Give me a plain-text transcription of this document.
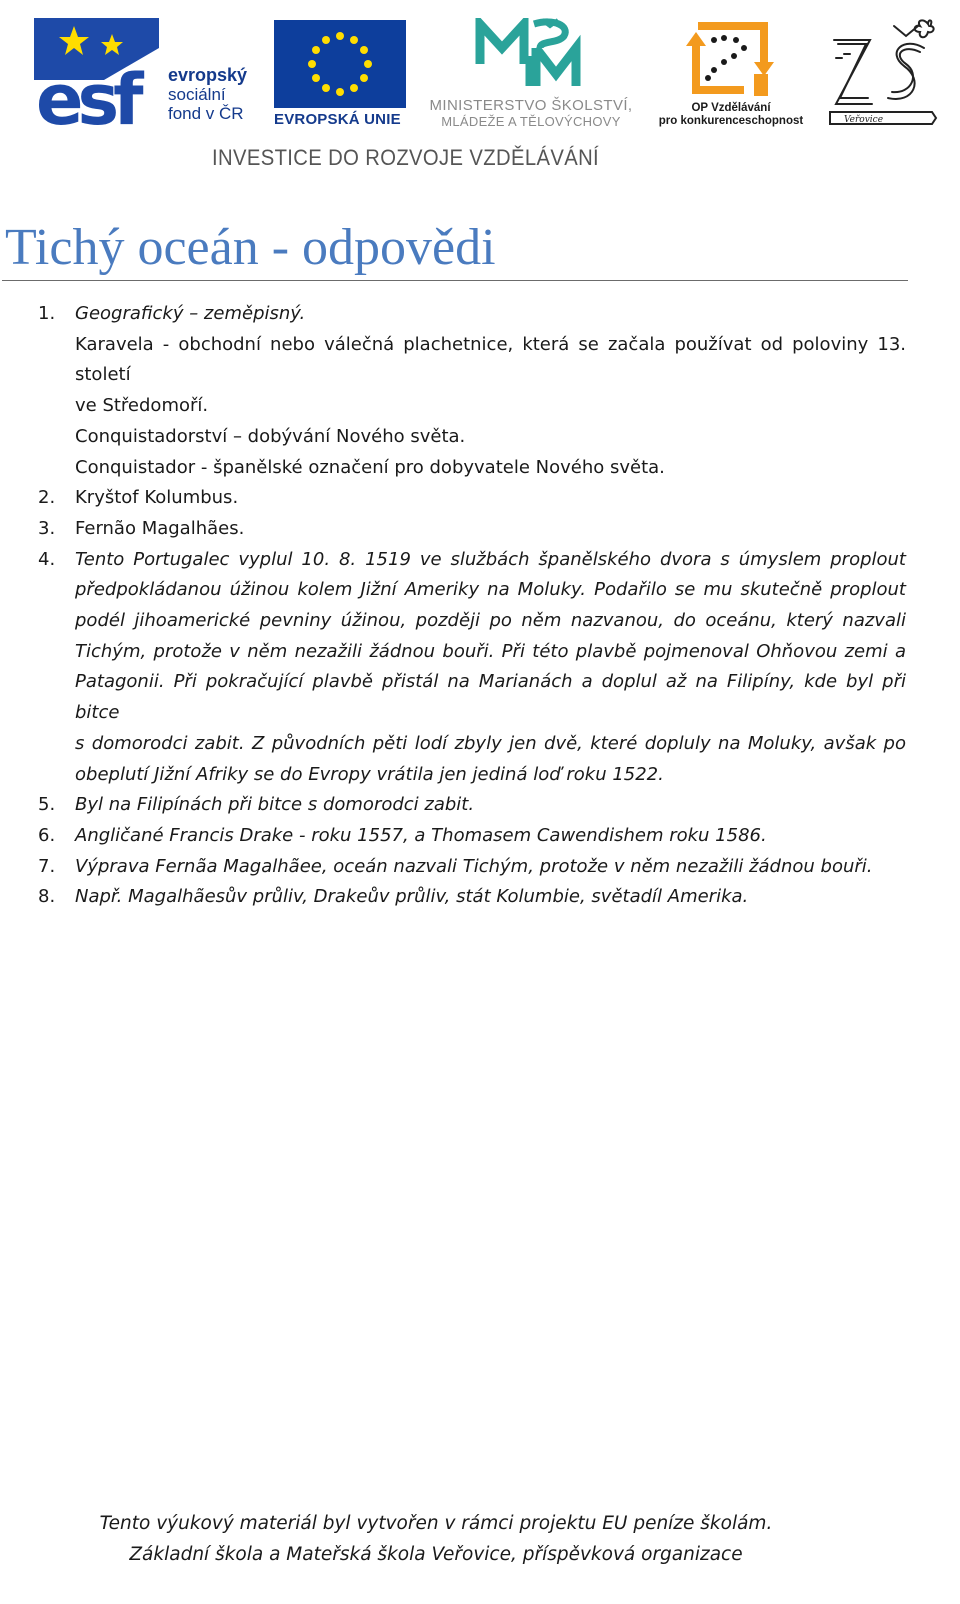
esf	evropský
sociální
fond v ČR EVROPSKÁ UNIE
MINISTERSTVO ŠKOLSTVÍ,
MLÁDEŽE A TĚLOVÝCHOVY
OP Vzdělávání
pro konkurenceschopnost	Veřovice
INVESTICE DO ROZVOJE VZDĚLÁVÁNÍ
Tichý oceán - odpovědi
1. Geografický – zeměpisný.
Karavela - obchodní nebo válečná plachetnice, která se začala používat od poloviny 13. století
ve Středomoří.
Conquistadorství – dobývání Nového světa.
Conquistador - španělské označení pro dobyvatele Nového světa.
2. Kryštof Kolumbus.
3. Fernão Magalhães.
4. Tento Portugalec vyplul 10. 8. 1519 ve službách španělského dvora s úmyslem proplout
předpokládanou úžinou kolem Jižní Ameriky na Moluky. Podařilo se mu skutečně proplout
podél jihoamerické pevniny úžinou, později po něm nazvanou, do oceánu, který nazvali
Tichým, protože v něm nezažili žádnou bouři. Při této plavbě pojmenoval Ohňovou zemi a
Patagonii. Při pokračující plavbě přistál na Marianách a doplul až na Filipíny, kde byl při bitce
s domorodci zabit. Z původních pěti lodí zbyly jen dvě, které dopluly na Moluky, avšak po
obeplutí Jižní Afriky se do Evropy vrátila jen jediná loď roku 1522.
5. Byl na Filipínách při bitce s domorodci zabit.
6. Angličané Francis Drake - roku 1557, a Thomasem Cawendishem roku 1586.
7. Výprava Fernãa Magalhãee, oceán nazvali Tichým, protože v něm nezažili žádnou bouři.
8. Např. Magalhãesův průliv, Drakeův průliv, stát Kolumbie, světadíl Amerika.
Tento výukový materiál byl vytvořen v rámci projektu EU peníze školám.
Základní škola a Mateřská škola Veřovice, příspěvková organizace
